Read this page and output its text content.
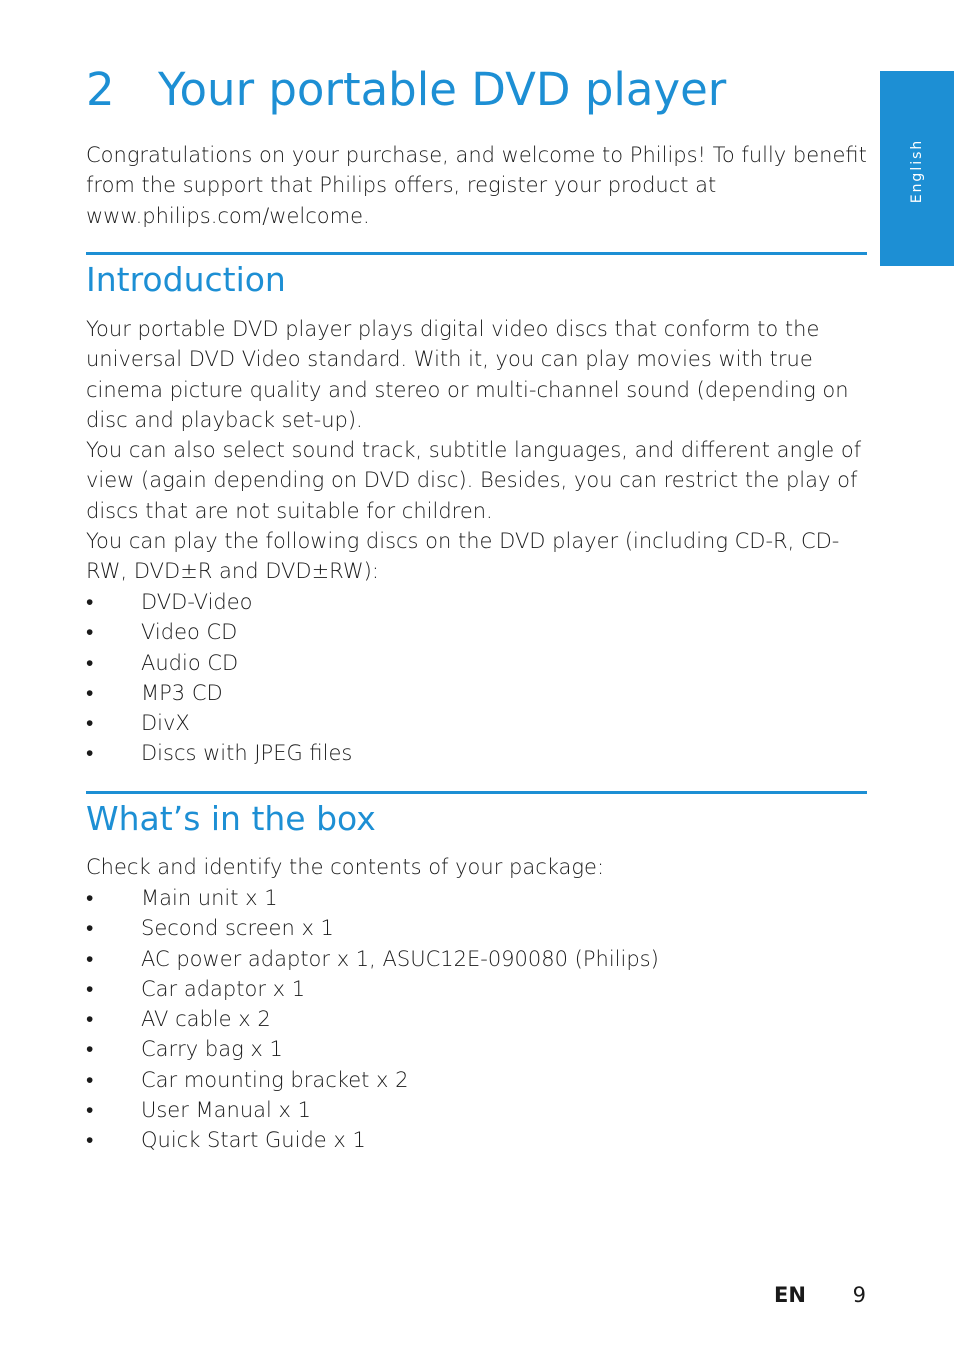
English
2 Your portable DVD player

Congratulations on your purchase, and welcome to Philips! To fully benefit from the support that Philips offers, register your product at www.philips.com/welcome.

Introduction

Your portable DVD player plays digital video discs that conform to the universal DVD Video standard. With it, you can play movies with true cinema picture quality and stereo or multi-channel sound (depending on disc and playback set-up).

You can also select sound track, subtitle languages, and different angle of view (again depending on DVD disc). Besides, you can restrict the play of discs that are not suitable for children.

You can play the following discs on the DVD player (including CD-R, CD-RW, DVD±R and DVD±RW):

• DVD-Video
• Video CD
• Audio CD
• MP3 CD
• DivX
• Discs with JPEG files
What’s in the box

Check and identify the contents of your package:

• Main unit x 1
• Second screen x 1
• AC power adaptor x 1, ASUC12E-090080 (Philips)
• Car adaptor x 1
• AV cable x 2
• Carry bag x 1
• Car mounting bracket x 2
• User Manual x 1
• Quick Start Guide x 1
EN 9
